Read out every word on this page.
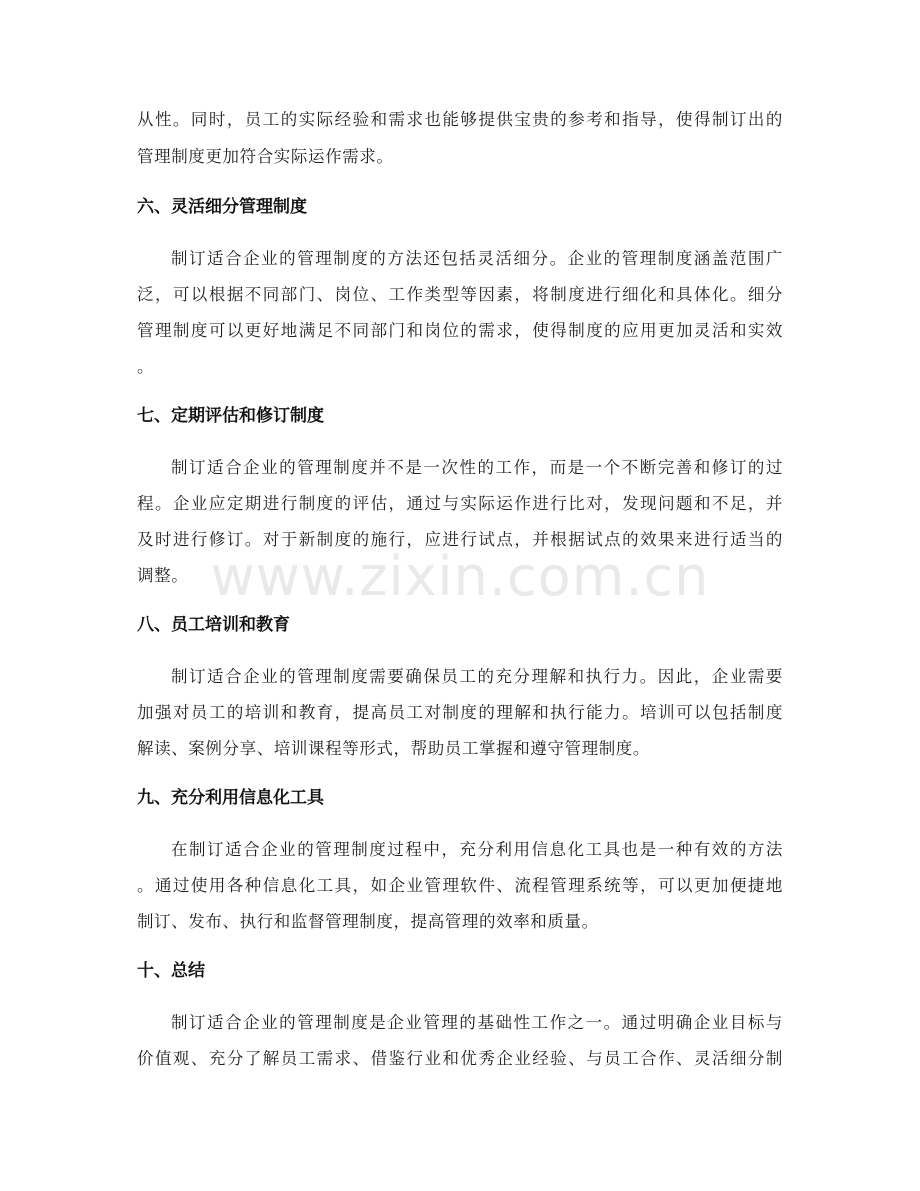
www.zixin.com.cn
从性。同时，员工的实际经验和需求也能够提供宝贵的参考和指导，使得制订出的
管理制度更加符合实际运作需求。
六、灵活细分管理制度
制订适合企业的管理制度的方法还包括灵活细分。企业的管理制度涵盖范围广
泛，可以根据不同部门、岗位、工作类型等因素，将制度进行细化和具体化。细分
管理制度可以更好地满足不同部门和岗位的需求，使得制度的应用更加灵活和实效
。
七、定期评估和修订制度
制订适合企业的管理制度并不是一次性的工作，而是一个不断完善和修订的过
程。企业应定期进行制度的评估，通过与实际运作进行比对，发现问题和不足，并
及时进行修订。对于新制度的施行，应进行试点，并根据试点的效果来进行适当的
调整。
八、员工培训和教育
制订适合企业的管理制度需要确保员工的充分理解和执行力。因此，企业需要
加强对员工的培训和教育，提高员工对制度的理解和执行能力。培训可以包括制度
解读、案例分享、培训课程等形式，帮助员工掌握和遵守管理制度。
九、充分利用信息化工具
在制订适合企业的管理制度过程中，充分利用信息化工具也是一种有效的方法
。通过使用各种信息化工具，如企业管理软件、流程管理系统等，可以更加便捷地
制订、发布、执行和监督管理制度，提高管理的效率和质量。
十、总结
制订适合企业的管理制度是企业管理的基础性工作之一。通过明确企业目标与
价值观、充分了解员工需求、借鉴行业和优秀企业经验、与员工合作、灵活细分制
